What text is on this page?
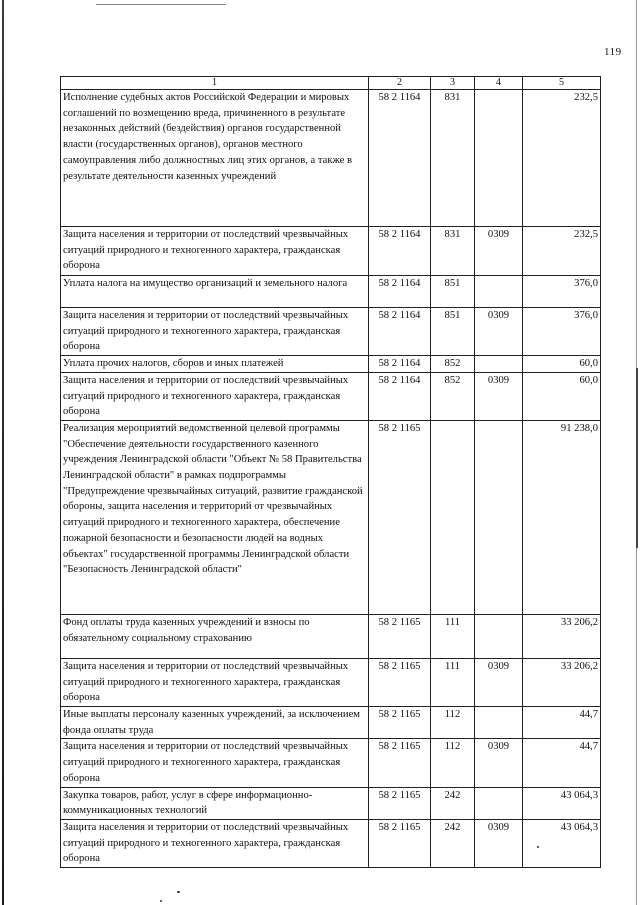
119
1	2	3	4	5
Исполнение судебных актов Российской Федерации и мировых соглашений по возмещению вреда, причиненного в результате незаконных действий (бездействия) органов государственной власти (государственных органов), органов местного самоуправления либо должностных лиц этих органов, а также в результате деятельности казенных учреждений	58 2 1164	831		232,5
Защита населения и территории от последствий чрезвычайных ситуаций природного и техногенного характера, гражданская оборона	58 2 1164	831	0309	232,5
Уплата налога на имущество организаций и земельного налога	58 2 1164	851		376,0
Защита населения и территории от последствий чрезвычайных ситуаций природного и техногенного характера, гражданская оборона	58 2 1164	851	0309	376,0
Уплата прочих налогов, сборов и иных платежей	58 2 1164	852		60,0
Защита населения и территории от последствий чрезвычайных ситуаций природного и техногенного характера, гражданская оборона	58 2 1164	852	0309	60,0
Реализация мероприятий ведомственной целевой программы "Обеспечение деятельности государственного казенного учреждения Ленинградской области "Объект № 58 Правительства Ленинградской области" в рамках подпрограммы "Предупреждение чрезвычайных ситуаций, развитие гражданской обороны, защита населения и территорий от чрезвычайных ситуаций природного и техногенного характера, обеспечение пожарной безопасности и безопасности людей на водных объектах" государственной программы Ленинградской области "Безопасность Ленинградской области"	58 2 1165			91 238,0
Фонд оплаты труда казенных учреждений и взносы по обязательному социальному страхованию	58 2 1165	111		33 206,2
Защита населения и территории от последствий чрезвычайных ситуаций природного и техногенного характера, гражданская оборона	58 2 1165	111	0309	33 206,2
Иные выплаты персоналу казенных учреждений, за исключением фонда оплаты труда	58 2 1165	112		44,7
Защита населения и территории от последствий чрезвычайных ситуаций природного и техногенного характера, гражданская оборона	58 2 1165	112	0309	44,7
Закупка товаров, работ, услуг в сфере информационно-коммуникационных технологий	58 2 1165	242		43 064,3
Защита населения и территории от последствий чрезвычайных ситуаций природного и техногенного характера, гражданская оборона	58 2 1165	242	0309	43 064,3
